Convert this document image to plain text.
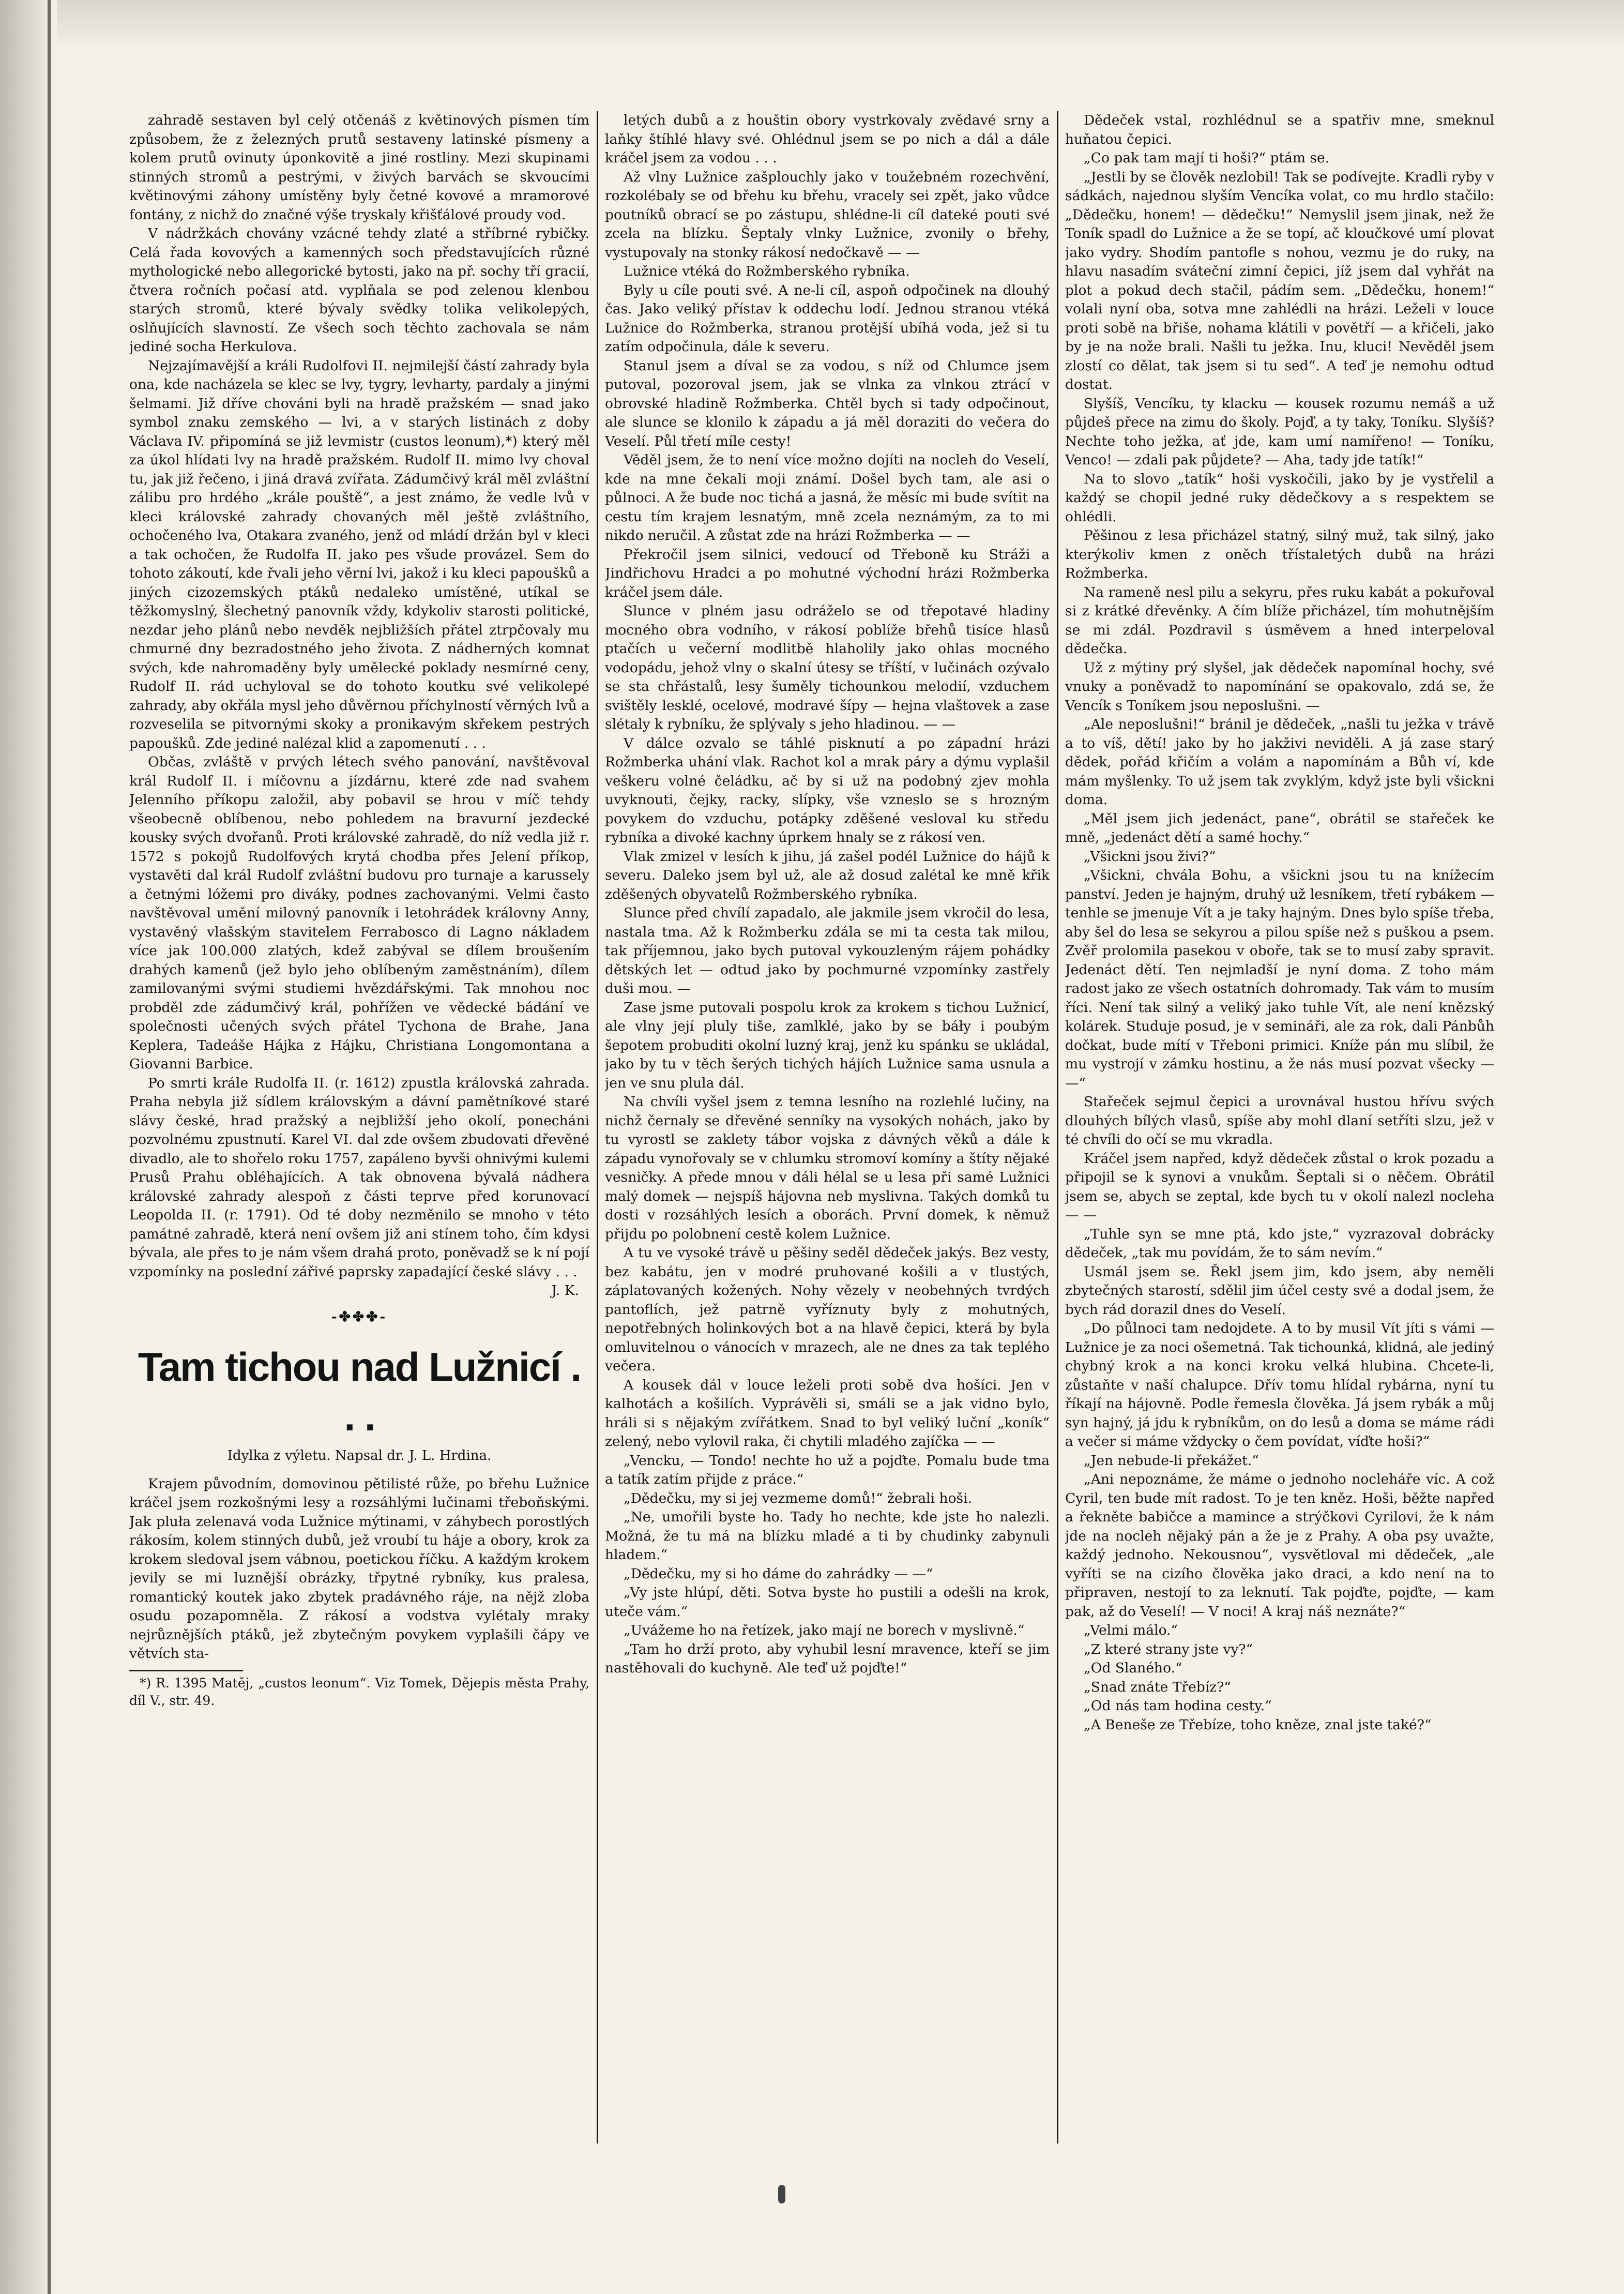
zahradě sestaven byl celý otčenáš z květinových písmen tím způsobem, že z železných prutů sestaveny latinské písmeny a kolem prutů ovinuty úponkovitě a jiné rostliny. Mezi skupinami stinných stromů a pestrými, v živých barvách se skvoucími květinovými záhony umístěny byly četné kovové a mramorové fontány, z nichž do značné výše tryskaly křišťálové proudy vod.

V nádržkách chovány vzácné tehdy zlaté a stříbrné rybičky. Celá řada kovových a kamenných soch představujících různé mythologické nebo allegorické bytosti, jako na př. sochy tří gracií, čtvera ročních počasí atd. vyplňala se pod zelenou klenbou starých stromů, které bývaly svědky tolika velikolepých, oslňujících slavností. Ze všech soch těchto zachovala se nám jediné socha Herkulova.

Nejzajímavější a králi Rudolfovi II. nejmilejší částí zahrady byla ona, kde nacházela se klec se lvy, tygry, levharty, pardaly a jinými šelmami. Již dříve chováni byli na hradě pražském — snad jako symbol znaku zemského — lvi, a v starých listinách z doby Václava IV. připomíná se již levmistr (custos leonum),*) který měl za úkol hlídati lvy na hradě pražském. Rudolf II. mimo lvy choval tu, jak již řečeno, i jiná dravá zvířata. Zádumčivý král měl zvláštní zálibu pro hrdého „krále pouště“, a jest známo, že vedle lvů v kleci královské zahrady chovaných měl ještě zvláštního, ochočeného lva, Otakara zvaného, jenž od mládí držán byl v kleci a tak ochočen, že Rudolfa II. jako pes všude provázel. Sem do tohoto zákoutí, kde řvali jeho věrní lvi, jakož i ku kleci papoušků a jiných cizozemských ptáků nedaleko umístěné, utíkal se těžkomyslný, šlechetný panovník vždy, kdykoliv starosti politické, nezdar jeho plánů nebo nevděk nejbližších přátel ztrpčovaly mu chmurné dny bezradostného jeho života. Z nádherných komnat svých, kde nahromaděny byly umělecké poklady nesmírné ceny, Rudolf II. rád uchyloval se do tohoto koutku své velikolepé zahrady, aby okřála mysl jeho důvěrnou příchylností věrných lvů a rozveselila se pitvornými skoky a pronikavým skřekem pestrých papoušků. Zde jediné nalézal klid a zapomenutí . . .

Občas, zvláště v prvých létech svého panování, navštěvoval král Rudolf II. i míčovnu a jízdárnu, které zde nad svahem Jelenního příkopu založil, aby pobavil se hrou v míč tehdy všeobecně oblíbenou, nebo pohledem na bravurní jezdecké kousky svých dvořanů. Proti královské zahradě, do níž vedla již r. 1572 s pokojů Rudolfových krytá chodba přes Jelení příkop, vystavěti dal král Rudolf zvláštní budovu pro turnaje a karussely a četnými lóžemi pro diváky, podnes zachovanými. Velmi často navštěvoval umění milovný panovník i letohrádek královny Anny, vystavěný vlašským stavitelem Ferrabosco di Lagno nákladem více jak 100.000 zlatých, kdež zabýval se dílem broušením drahých kamenů (jež bylo jeho oblíbeným zaměstnáním), dílem zamilovanými svými studiemi hvězdářskými. Tak mnohou noc probděl zde zádumčivý král, pohřížen ve vědecké bádání ve společnosti učených svých přátel Tychona de Brahe, Jana Keplera, Tadeáše Hájka z Hájku, Christiana Longomontana a Giovanni Barbice.

Po smrti krále Rudolfa II. (r. 1612) zpustla královská zahrada. Praha nebyla již sídlem královským a dávní pamětníkové staré slávy české, hrad pražský a nejbližší jeho okolí, ponecháni pozvolnému zpustnutí. Karel VI. dal zde ovšem zbudovati dřevěné divadlo, ale to shořelo roku 1757, zapáleno byvši ohnivými kulemi Prusů Prahu obléhajících. A tak obnovena bývalá nádhera královské zahrady alespoň z části teprve před korunovací Leopolda II. (r. 1791). Od té doby nezměnilo se mnoho v této památné zahradě, která není ovšem již ani stínem toho, čím kdysi bývala, ale přes to je nám všem drahá proto, poněvadž se k ní pojí vzpomínky na poslední zářivé paprsky zapadající české slávy . . .

J. K.

-✤✤✤-

Tam tichou nad Lužnicí . . .

Idylka z výletu. Napsal dr. J. L. Hrdina.

Krajem původním, domovinou pětilisté růže, po břehu Lužnice kráčel jsem rozkošnými lesy a rozsáhlými lučinami třeboňskými. Jak pluła zelenavá voda Lužnice mýtinami, v záhybech porostlých rákosím, kolem stinných dubů, jež vroubí tu háje a obory, krok za krokem sledoval jsem vábnou, poetickou říčku. A každým krokem jevily se mi luznější obrázky, třpytné rybníky, kus pralesa, romantický koutek jako zbytek pradávného ráje, na nějž zloba osudu pozapomněla. Z rákosí a vodstva vylétaly mraky nejrůznějších ptáků, jež zbytečným povykem vyplašili čápy ve větvích sta-

*) R. 1395 Matěj, „custos leonum“. Viz Tomek, Dějepis města Prahy, díl V., str. 49.

letých dubů a z houštin obory vystrkovaly zvědavé srny a laňky štíhlé hlavy své. Ohlédnul jsem se po nich a dál a dále kráčel jsem za vodou . . .

Až vlny Lužnice zašplouchly jako v toužebném rozechvění, rozkolébaly se od břehu ku břehu, vracely sei zpět, jako vůdce poutníků obrací se po zástupu, shlédne-li cíl dateké pouti své zcela na blízku. Šeptaly vlnky Lužnice, zvonily o břehy, vystupovaly na stonky rákosí nedočkavě — —

Lužnice vtéká do Rožmberského rybníka.

Byly u cíle pouti své. A ne-li cíl, aspoň odpočinek na dlouhý čas. Jako veliký přístav k oddechu lodí. Jednou stranou vtéká Lužnice do Rožmberka, stranou protější ubíhá voda, jež si tu zatím odpočinula, dále k severu.

Stanul jsem a díval se za vodou, s níž od Chlumce jsem putoval, pozoroval jsem, jak se vlnka za vlnkou ztrácí v obrovské hladině Rožmberka. Chtěl bych si tady odpočinout, ale slunce se klonilo k západu a já měl doraziti do večera do Veselí. Půl třetí míle cesty!

Věděl jsem, že to není více možno dojíti na nocleh do Veselí, kde na mne čekali moji známí. Došel bych tam, ale asi o půlnoci. A že bude noc tichá a jasná, že měsíc mi bude svítit na cestu tím krajem lesnatým, mně zcela neznámým, za to mi nikdo neručil. A zůstat zde na hrázi Rožmberka — —

Překročil jsem silnici, vedoucí od Třeboně ku Stráži a Jindřichovu Hradci a po mohutné východní hrázi Rožmberka kráčel jsem dále.

Slunce v plném jasu odráželo se od třepotavé hladiny mocného obra vodního, v rákosí poblíže břehů tisíce hlasů ptačích u večerní modlitbě hlaholily jako ohlas mocného vodopádu, jehož vlny o skalní útesy se tříští, v lučinách ozývalo se sta chřástalů, lesy šuměly tichounkou melodií, vzduchem svištěly lesklé, ocelové, modravé šípy — hejna vlaštovek a zase slétaly k rybníku, že splývaly s jeho hladinou. — —

V dálce ozvalo se táhlé pisknutí a po západní hrázi Rožmberka uhání vlak. Rachot kol a mrak páry a dýmu vyplašil veškeru volné čeládku, ač by si už na podobný zjev mohla uvyknouti, čejky, racky, slípky, vše vzneslo se s hrozným povykem do vzduchu, potápky zděšené vesloval ku středu rybníka a divoké kachny úprkem hnaly se z rákosí ven.

Vlak zmizel v lesích k jihu, já zašel podél Lužnice do hájů k severu. Daleko jsem byl už, ale až dosud zalétal ke mně křik zděšených obyvatelů Rožmberského rybníka.

Slunce před chvílí zapadalo, ale jakmile jsem vkročil do lesa, nastala tma. Až k Rožmberku zdála se mi ta cesta tak milou, tak příjemnou, jako bych putoval vykouzleným rájem pohádky dětských let — odtud jako by pochmurné vzpomínky zastřely duši mou. —

Zase jsme putovali pospolu krok za krokem s tichou Lužnicí, ale vlny její pluly tiše, zamlklé, jako by se báły i poubým šepotem probuditi okolní luzný kraj, jenž ku spánku se ukládal, jako by tu v těch šerých tichých hájích Lužnice sama usnula a jen ve snu plula dál.

Na chvíli vyšel jsem z temna lesního na rozlehlé lučiny, na nichž černaly se dřevěné senníky na vysokých nohách, jako by tu vyrostl se zaklety tábor vojska z dávných věků a dále k západu vynořovaly se v chlumku stromoví komíny a štíty nějaké vesničky. A přede mnou v dáli hélal se u lesa při samé Lužnici malý domek — nejspíš hájovna neb myslivna. Takých domků tu dosti v rozsáhlých lesích a oborách. První domek, k němuž přijdu po polobnení cestě kolem Lužnice.

A tu ve vysoké trávě u pěšiny seděl dědeček jakýs. Bez vesty, bez kabátu, jen v modré pruhované košili a v tlustých, záplatovaných kožených. Nohy vězely v neobehných tvrdých pantoflích, jež patrně vyříznuty byly z mohutných, nepotřebných holinkových bot a na hlavě čepici, která by byla omluvitelnou o vánocích v mrazech, ale ne dnes za tak teplého večera.

A kousek dál v louce leželi proti sobě dva hošíci. Jen v kalhotách a košilích. Vyprávěli si, smáli se a jak vidno bylo, hráli si s nějakým zvířátkem. Snad to byl veliký luční „koník“ zelený, nebo vylovil raka, či chytili mladého zajíčka — —

„Vencku, — Tondo! nechte ho už a pojďte. Pomalu bude tma a tatík zatím přijde z práce.“

„Dědečku, my si jej vezmeme domů!“ žebrali hoši.

„Ne, umořili byste ho. Tady ho nechte, kde jste ho nalezli. Možná, že tu má na blízku mladé a ti by chudinky zabynuli hladem.“

„Dědečku, my si ho dáme do zahrádky — —“

„Vy jste hlúpí, děti. Sotva byste ho pustili a odešli na krok, uteče vám.“

„Uvážeme ho na řetízek, jako mají ne borech v myslivně.“

„Tam ho drží proto, aby vyhubil lesní mravence, kteří se jim nastěhovali do kuchyně. Ale teď už pojďte!“

Dědeček vstal, rozhlédnul se a spatřiv mne, smeknul huňatou čepici.

„Co pak tam mají ti hoši?“ ptám se.

„Jestli by se člověk nezlobil! Tak se podívejte. Kradli ryby v sádkách, najednou slyším Vencíka volat, co mu hrdlo stačilo: „Dědečku, honem! — dědečku!“ Nemyslil jsem jinak, než že Toník spadl do Lužnice a že se topí, ač kloučkové umí plovat jako vydry. Shodím pantofle s nohou, vezmu je do ruky, na hlavu nasadím sváteční zimní čepici, jíž jsem dal vyhřát na plot a pokud dech stačil, pádím sem. „Dědečku, honem!“ volali nyní oba, sotva mne zahlédli na hrázi. Leželi v louce proti sobě na břiše, nohama klátili v povětří — a křičeli, jako by je na nože brali. Našli tu ježka. Inu, kluci! Nevěděl jsem zlostí co dělat, tak jsem si tu sed“. A teď je nemohu odtud dostat.

Slyšíš, Vencíku, ty klacku — kousek rozumu nemáš a už půjdeš přece na zimu do školy. Pojď, a ty taky, Toníku. Slyšíš? Nechte toho ježka, ať jde, kam umí namířeno! — Toníku, Venco! — zdali pak půjdete? — Aha, tady jde tatík!“

Na to slovo „tatík“ hoši vyskočili, jako by je vystřelil a každý se chopil jedné ruky dědečkovy a s respektem se ohlédli.

Pěšinou z lesa přicházel statný, silný muž, tak silný, jako kterýkoliv kmen z oněch třístaletých dubů na hrázi Rožmberka.

Na rameně nesl pilu a sekyru, přes ruku kabát a pokuřoval si z krátké dřevěnky. A čím blíže přicházel, tím mohutnějším se mi zdál. Pozdravil s úsměvem a hned interpeloval dědečka.

Už z mýtiny prý slyšel, jak dědeček napomínal hochy, své vnuky a poněvadž to napomínání se opakovalo, zdá se, že Vencík s Toníkem jsou neposlušni. —

„Ale neposlušni!“ bránil je dědeček, „našli tu ježka v trávě a to víš, dětí! jako by ho jakživi neviděli. A já zase starý dědek, pořád křičím a volám a napomínám a Bůh ví, kde mám myšlenky. To už jsem tak zvyklým, když jste byli všickni doma.

„Měl jsem jich jedenáct, pane“, obrátil se stařeček ke mně, „jedenáct dětí a samé hochy.“

„Všickni jsou živi?“

„Všickni, chvála Bohu, a všickni jsou tu na knížecím panství. Jeden je hajným, druhý už lesníkem, třetí rybákem — tenhle se jmenuje Vít a je taky hajným. Dnes bylo spíše třeba, aby šel do lesa se sekyrou a pilou spíše než s puškou a psem. Zvěř prolomila pasekou v oboře, tak se to musí zaby spravit. Jedenáct dětí. Ten nejmladší je nyní doma. Z toho mám radost jako ze všech ostatních dohromady. Tak vám to musím říci. Není tak silný a veliký jako tuhle Vít, ale není knězský kolárek. Studuje posud, je v semináři, ale za rok, dali Pánbůh dočkat, bude mítí v Třeboni primici. Kníže pán mu slíbil, že mu vystrojí v zámku hostinu, a že nás musí pozvat všecky — —“

Stařeček sejmul čepici a urovnával hustou hřívu svých dlouhých bílých vlasů, spíše aby mohl dlaní setříti slzu, jež v té chvíli do očí se mu vkradla.

Kráčel jsem napřed, když dědeček zůstal o krok pozadu a připojil se k synovi a vnukům. Šeptali si o něčem. Obrátil jsem se, abych se zeptal, kde bych tu v okolí nalezl nocleha — —

„Tuhle syn se mne ptá, kdo jste,“ vyzrazoval dobrácky dědeček, „tak mu povídám, že to sám nevím.“

Usmál jsem se. Řekl jsem jim, kdo jsem, aby neměli zbytečných starostí, sdělil jim účel cesty své a dodal jsem, že bych rád dorazil dnes do Veselí.

„Do půlnoci tam nedojdete. A to by musil Vít jíti s vámi — Lužnice je za noci ošemetná. Tak tichounká, klidná, ale jediný chybný krok a na konci kroku velká hlubina. Chcete-li, zůstaňte v naší chalupce. Dřív tomu hlídal rybárna, nyní tu říkají na hájovně. Podle řemesla člověka. Já jsem rybák a můj syn hajný, já jdu k rybníkům, on do lesů a doma se máme rádi a večer si máme vždycky o čem povídat, víďte hoši?“

„Jen nebude-li překážet.“

„Ani nepoznáme, že máme o jednoho nocleháře víc. A což Cyril, ten bude mít radost. To je ten kněz. Hoši, běžte napřed a řekněte babičce a mamince a strýčkovi Cyrilovi, že k nám jde na nocleh nějaký pán a že je z Prahy. A oba psy uvažte, každý jednoho. Nekousnou“, vysvětloval mi dědeček, „ale vyříti se na cizího člověka jako draci, a kdo není na to připraven, nestojí to za leknutí. Tak pojďte, pojďte, — kam pak, až do Veselí! — V noci! A kraj náš neznáte?“

„Velmi málo.“

„Z které strany jste vy?“

„Od Slaného.“

„Snad znáte Třebíz?“

„Od nás tam hodina cesty.“

„A Beneše ze Třebíze, toho kněze, znal jste také?“
